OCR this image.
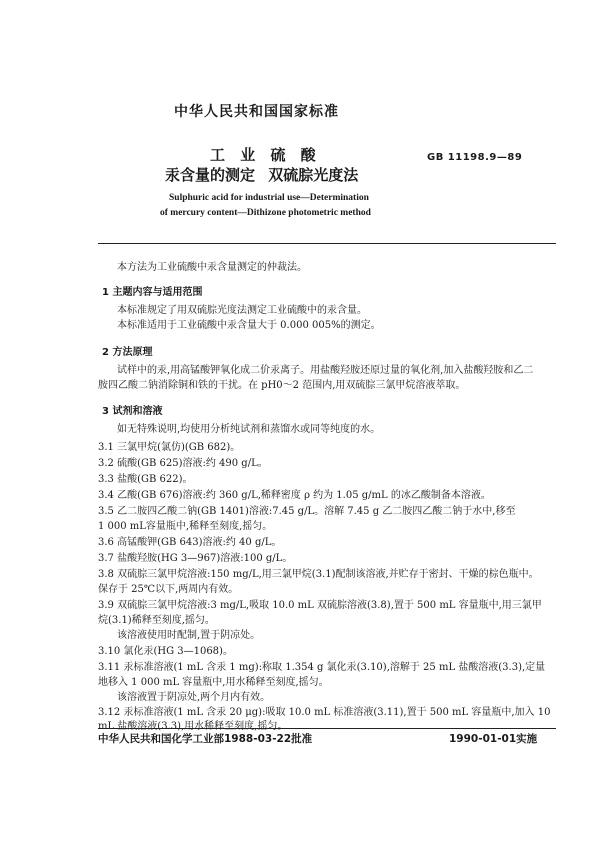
中华人民共和国国家标准
工 业 硫 酸
汞含量的测定 双硫腙光度法
GB 11198.9—89
Sulphuric acid for industrial use—Determination
of mercury content—Dithizone photometric method
本方法为工业硫酸中汞含量测定的仲裁法。
1 主题内容与适用范围
本标准规定了用双硫腙光度法测定工业硫酸中的汞含量。
本标准适用于工业硫酸中汞含量大于 0.000 005%的测定。
2 方法原理
试样中的汞,用高锰酸钾氧化成二价汞离子。用盐酸羟胺还原过量的氧化剂,加入盐酸羟胺和乙二
胺四乙酸二钠消除铜和铁的干扰。在 pH0～2 范围内,用双硫腙三氯甲烷溶液萃取。
3 试剂和溶液
如无特殊说明,均使用分析纯试剂和蒸馏水或同等纯度的水。
3.1 三氯甲烷(氯仿)(GB 682)。
3.2 硫酸(GB 625)溶液:约 490 g/L。
3.3 盐酸(GB 622)。
3.4 乙酸(GB 676)溶液:约 360 g/L,稀释密度 ρ 约为 1.05 g/mL 的冰乙酸制备本溶液。
3.5 乙二胺四乙酸二钠(GB 1401)溶液:7.45 g/L。溶解 7.45 g 乙二胺四乙酸二钠于水中,移至
1 000 mL容量瓶中,稀释至刻度,摇匀。
3.6 高锰酸钾(GB 643)溶液:约 40 g/L。
3.7 盐酸羟胺(HG 3—967)溶液:100 g/L。
3.8 双硫腙三氯甲烷溶液:150 mg/L,用三氯甲烷(3.1)配制该溶液,并贮存于密封、干燥的棕色瓶中。
保存于 25℃以下,两周内有效。
3.9 双硫腙三氯甲烷溶液:3 mg/L,吸取 10.0 mL 双硫腙溶液(3.8),置于 500 mL 容量瓶中,用三氯甲
烷(3.1)稀释至刻度,摇匀。
该溶液使用时配制,置于阴凉处。
3.10 氯化汞(HG 3—1068)。
3.11 汞标准溶液(1 mL 含汞 1 mg):称取 1.354 g 氯化汞(3.10),溶解于 25 mL 盐酸溶液(3.3),定量
地移入 1 000 mL 容量瓶中,用水稀释至刻度,摇匀。
该溶液置于阴凉处,两个月内有效。
3.12 汞标准溶液(1 mL 含汞 20 μg):吸取 10.0 mL 标准溶液(3.11),置于 500 mL 容量瓶中,加入 10
mL 盐酸溶液(3.3),用水稀释至刻度,摇匀。
中华人民共和国化学工业部1988-03-22批准	1990-01-01实施
